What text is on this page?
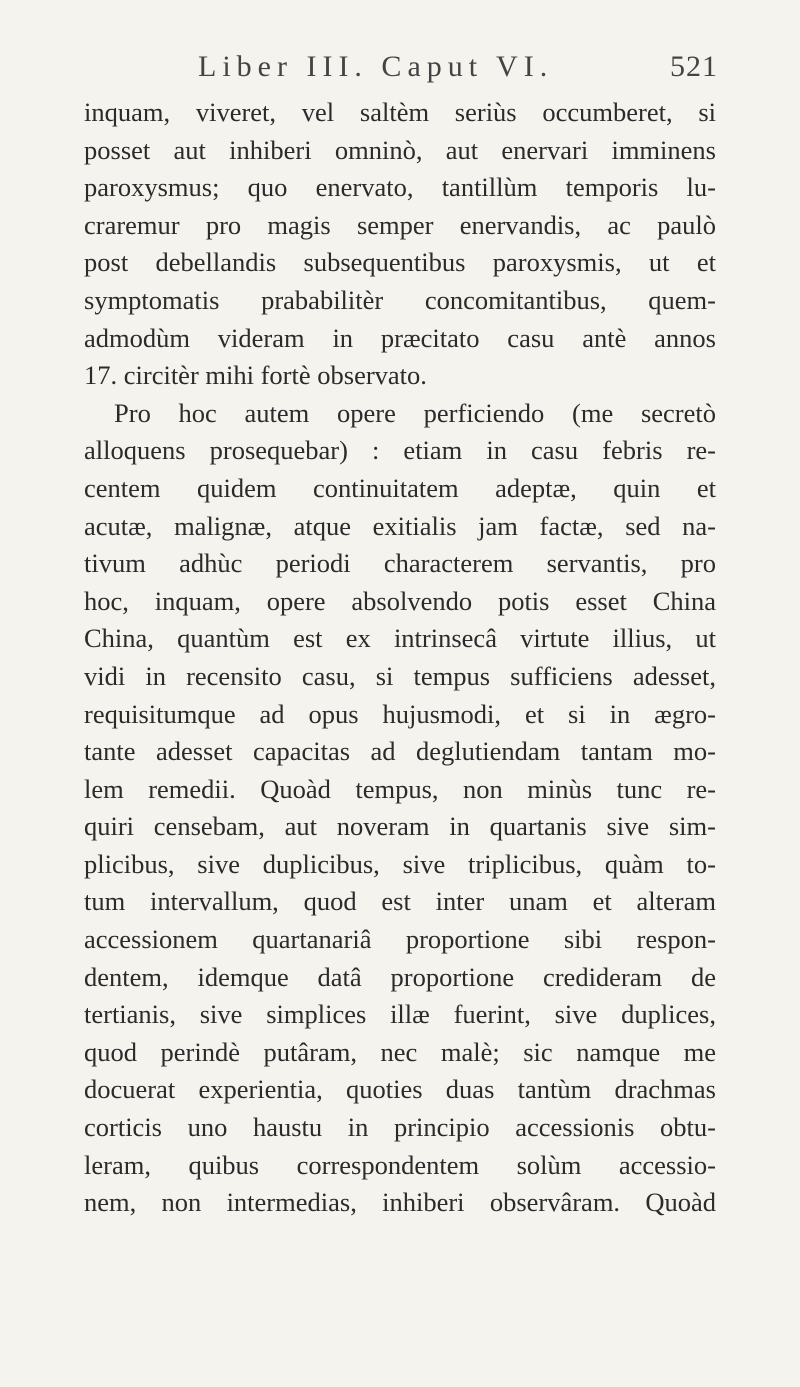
Liber III. Caput VI.	521
inquam, viveret, vel saltèm seriùs occumberet, si
posset aut inhiberi omninò, aut enervari imminens
paroxysmus; quo enervato, tantillùm temporis lu-
craremur pro magis semper enervandis, ac paulò
post debellandis subsequentibus paroxysmis, ut et
symptomatis prababilitèr concomitantibus, quem-
admodùm videram in præcitato casu antè annos
17. circitèr mihi fortè observato.
Pro hoc autem opere perficiendo (me secretò
alloquens prosequebar) : etiam in casu febris re-
centem quidem continuitatem adeptæ, quin et
acutæ, malignæ, atque exitialis jam factæ, sed na-
tivum adhùc periodi characterem servantis, pro
hoc, inquam, opere absolvendo potis esset China
China, quantùm est ex intrinsecâ virtute illius, ut
vidi in recensito casu, si tempus sufficiens adesset,
requisitumque ad opus hujusmodi, et si in ægro-
tante adesset capacitas ad deglutiendam tantam mo-
lem remedii. Quoàd tempus, non minùs tunc re-
quiri censebam, aut noveram in quartanis sive sim-
plicibus, sive duplicibus, sive triplicibus, quàm to-
tum intervallum, quod est inter unam et alteram
accessionem quartanariâ proportione sibi respon-
dentem, idemque datâ proportione credideram de
tertianis, sive simplices illæ fuerint, sive duplices,
quod perindè putâram, nec malè; sic namque me
docuerat experientia, quoties duas tantùm drachmas
corticis uno haustu in principio accessionis obtu-
leram, quibus correspondentem solùm accessio-
nem, non intermedias, inhiberi observâram. Quoàd
